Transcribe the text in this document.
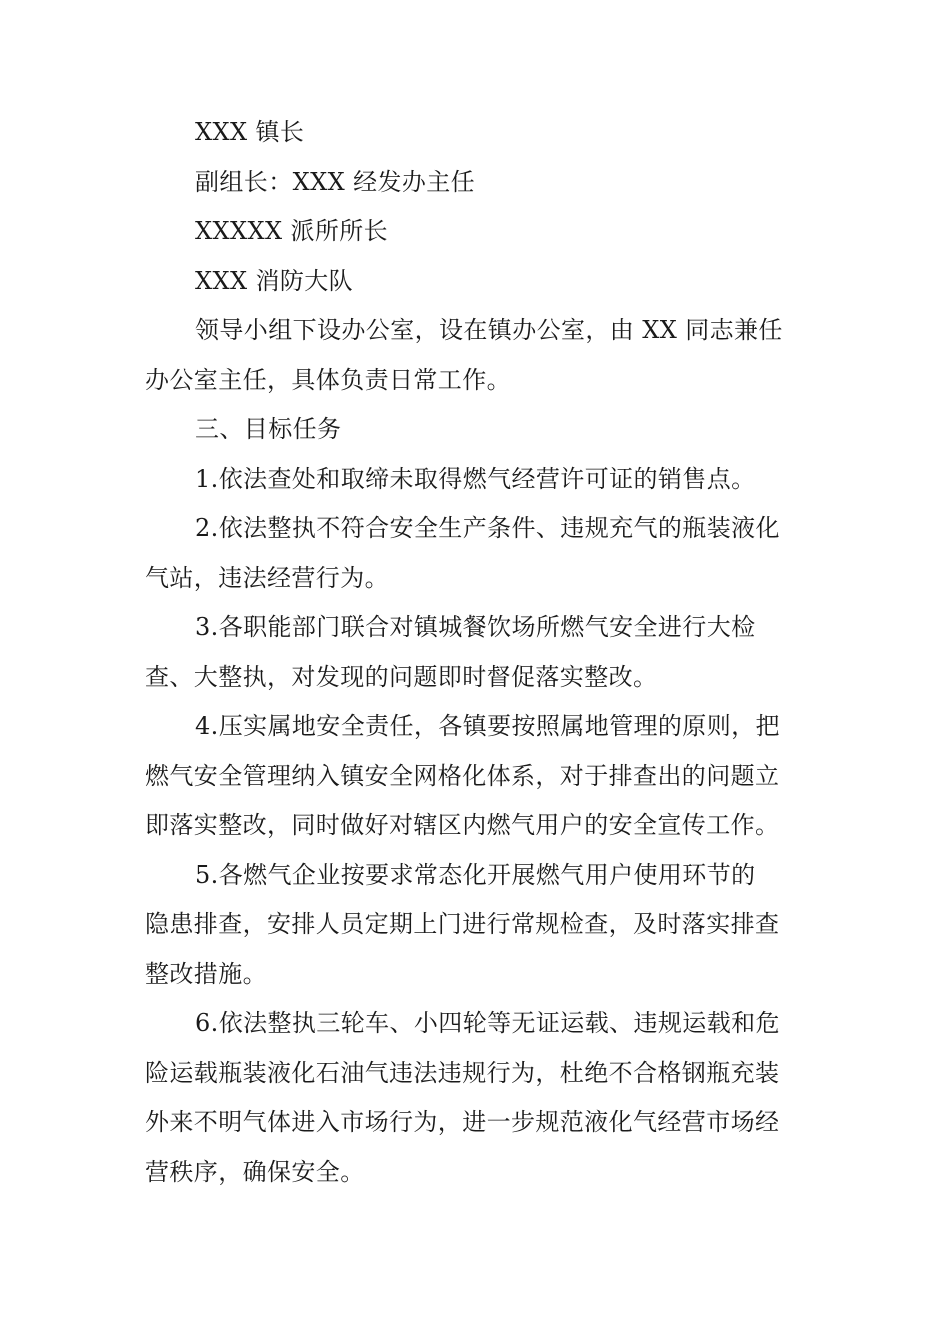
XXX 镇长
副组长：XXX 经发办主任
XXXXX 派所所长
XXX 消防大队
领导小组下设办公室，设在镇办公室，由 XX 同志兼任
办公室主任，具体负责日常工作。
三、目标任务
1.依法查处和取缔未取得燃气经营许可证的销售点。
2.依法整执不符合安全生产条件、违规充气的瓶装液化
气站，违法经营行为。
3.各职能部门联合对镇城餐饮场所燃气安全进行大检
查、大整执，对发现的问题即时督促落实整改。
4.压实属地安全责任，各镇要按照属地管理的原则，把
燃气安全管理纳入镇安全网格化体系，对于排查出的问题立
即落实整改，同时做好对辖区内燃气用户的安全宣传工作。
5.各燃气企业按要求常态化开展燃气用户使用环节的
隐患排查，安排人员定期上门进行常规检查，及时落实排查
整改措施。
6.依法整执三轮车、小四轮等无证运载、违规运载和危
险运载瓶装液化石油气违法违规行为，杜绝不合格钢瓶充装
外来不明气体进入市场行为，进一步规范液化气经营市场经
营秩序，确保安全。
